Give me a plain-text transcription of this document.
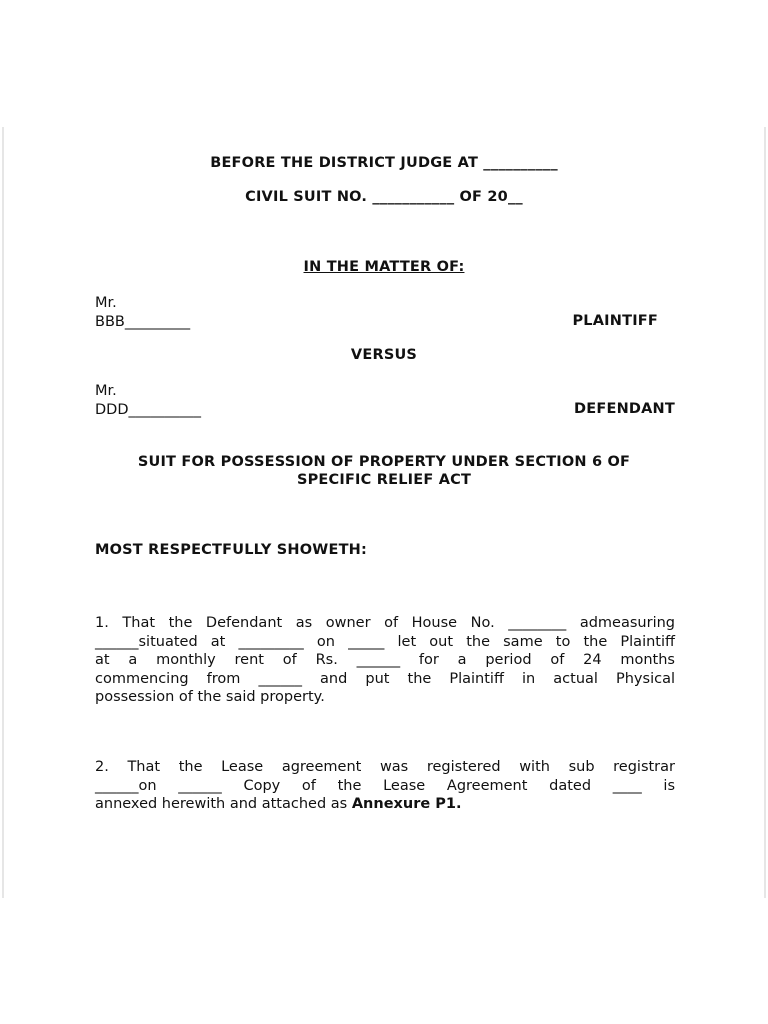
BEFORE THE DISTRICT JUDGE AT __________

CIVIL SUIT NO. ___________ OF 20__

IN THE MATTER OF:

Mr.

BBB_________	PLAINTIFF

VERSUS

Mr.

DDD__________	DEFENDANT

SUIT FOR POSSESSION OF PROPERTY UNDER SECTION 6 OF

SPECIFIC RELIEF ACT

MOST RESPECTFULLY SHOWETH:

1. That the Defendant as owner of House No. ________ admeasuring
______situated at _________ on _____ let out the same to the Plaintiff
at a monthly rent of Rs. ______ for a period of 24 months
commencing from ______ and put the Plaintiff in actual Physical
possession of the said property.
2. That the Lease agreement was registered with sub registrar
______on ______ Copy of the Lease Agreement dated ____ is
annexed herewith and attached as Annexure P1.
